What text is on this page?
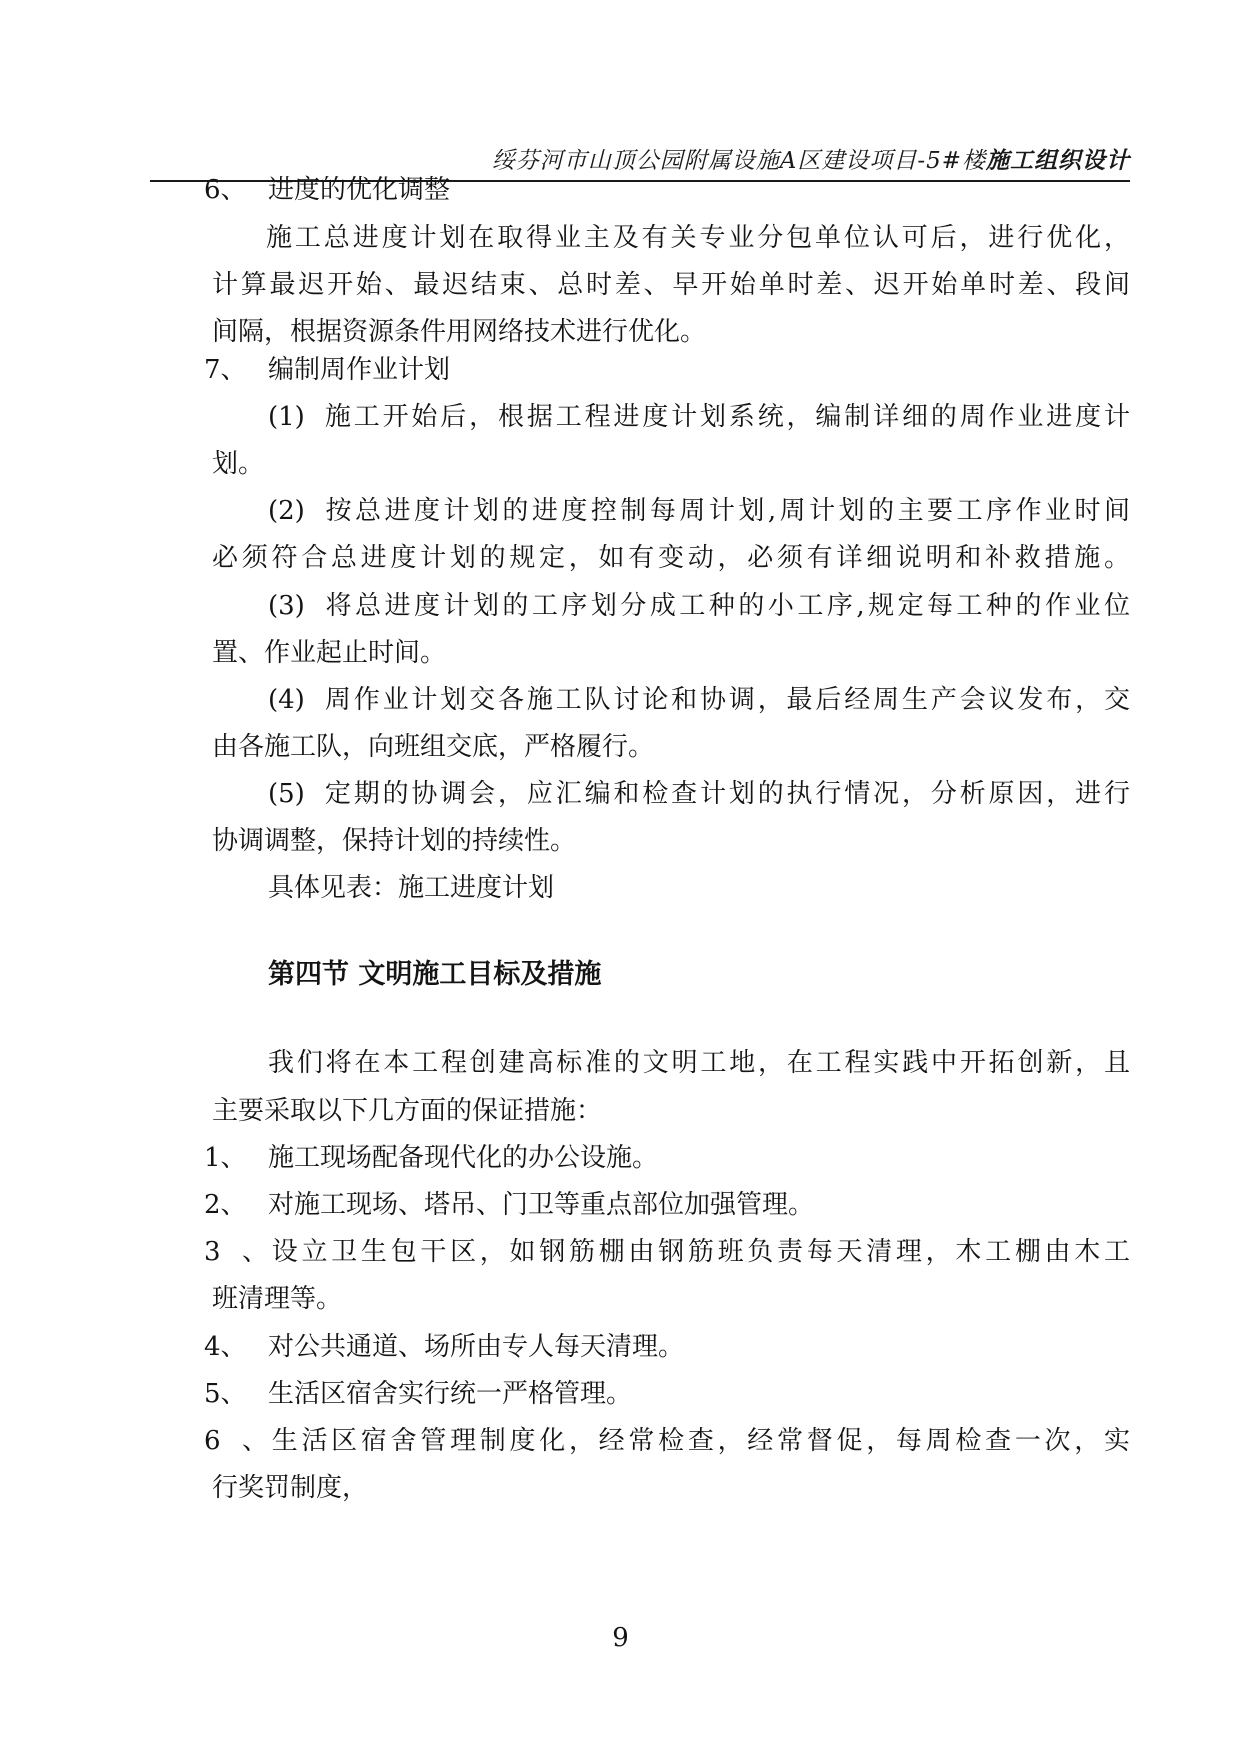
绥芬河市山顶公园附属设施A区建设项目-5#楼施工组织设计
6、 进度的优化调整
施工总进度计划在取得业主及有关专业分包单位认可后，进行优化，
计算最迟开始、最迟结束、总时差、早开始单时差、迟开始单时差、段间
间隔，根据资源条件用网络技术进行优化。
7、 编制周作业计划
(1) 施工开始后，根据工程进度计划系统，编制详细的周作业进度计
划。
(2) 按总进度计划的进度控制每周计划,周计划的主要工序作业时间
必须符合总进度计划的规定，如有变动，必须有详细说明和补救措施。
(3) 将总进度计划的工序划分成工种的小工序,规定每工种的作业位
置、作业起止时间。
(4) 周作业计划交各施工队讨论和协调，最后经周生产会议发布，交
由各施工队，向班组交底，严格履行。
(5) 定期的协调会，应汇编和检查计划的执行情况，分析原因，进行
协调调整，保持计划的持续性。
具体见表：施工进度计划
第四节 文明施工目标及措施
我们将在本工程创建高标准的文明工地，在工程实践中开拓创新，且
主要采取以下几方面的保证措施：
1、 施工现场配备现代化的办公设施。
2、 对施工现场、塔吊、门卫等重点部位加强管理。
3、设立卫生包干区，如钢筋棚由钢筋班负责每天清理，木工棚由木工
班清理等。
4、 对公共通道、场所由专人每天清理。
5、 生活区宿舍实行统一严格管理。
6、生活区宿舍管理制度化，经常检查，经常督促，每周检查一次，实
行奖罚制度，
9
